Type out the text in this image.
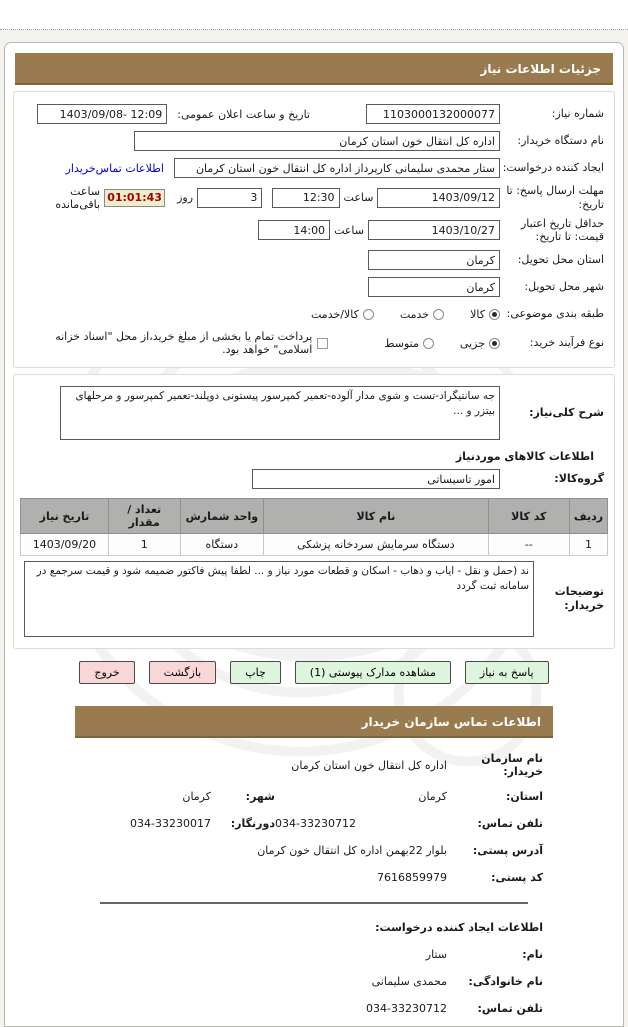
جزئیات اطلاعات نیاز
شماره نیاز:
1103000132000077
تاریخ و ساعت اعلان عمومی:
1403/09/08- 12:09
نام دستگاه خریدار:
اداره کل انتقال خون استان کرمان
ایجاد کننده درخواست:
ستار محمدی سلیمانی کارپرداز اداره کل انتقال خون استان کرمان
اطلاعات تماس‌خریدار
مهلت ارسال پاسخ: تا تاریخ:
1403/09/12
ساعت
12:30
3
روز
01:01:43
ساعت باقی‌مانده
حداقل تاریخ اعتبار قیمت: تا تاریخ:
1403/10/27
ساعت
14:00
استان محل تحویل:
کرمان
شهر محل تحویل:
کرمان
طبقه بندی موضوعی:
کالا
خدمت
کالا/خدمت
نوع فرآیند خرید:
جزیی
متوسط
پرداخت تمام یا بخشی از مبلغ خرید،از محل "اسناد خزانه اسلامی" خواهد بود.
شرح کلی‌نیاز:
جه سانتیگراد-تست و شوی مدار آلوده-تعمیر کمپرسور پیستونی دوپلند-تعمیر کمپرسور و مرحلهای بیتزر و ...
اطلاعات کالاهای موردنیاز
گروه‌کالا:
امور تاسیساتی
ردیف	کد کالا	نام کالا	واحد شمارش	تعداد / مقدار	تاریخ نیاز
1	--	دستگاه سرمایش سردخانه پزشکی	دستگاه	1	1403/09/20
توضیحات خریدار:
ند (حمل و نقل - ایاب و ذهاب - اسکان و قطعات مورد نیاز و ... لطفا پیش فاکتور ضمیمه شود و قیمت سرجمع در سامانه ثبت گردد
پاسخ به نیاز
مشاهده مدارک پیوستی (1)
چاپ
بازگشت
خروج
اطلاعات تماس سازمان خریدار
نام سازمان خریدار:
اداره کل انتقال خون استان کرمان
استان:
کرمان
شهر:
کرمان
تلفن تماس:
034-33230712
دورنگار:
034-33230017
آدرس پستی:
بلوار 22بهمن اداره کل انتقال خون کرمان
کد پستی:
7616859979
اطلاعات ایجاد کننده درخواست:
نام:
ستار
نام خانوادگی:
محمدی سلیمانی
تلفن تماس:
034-33230712
